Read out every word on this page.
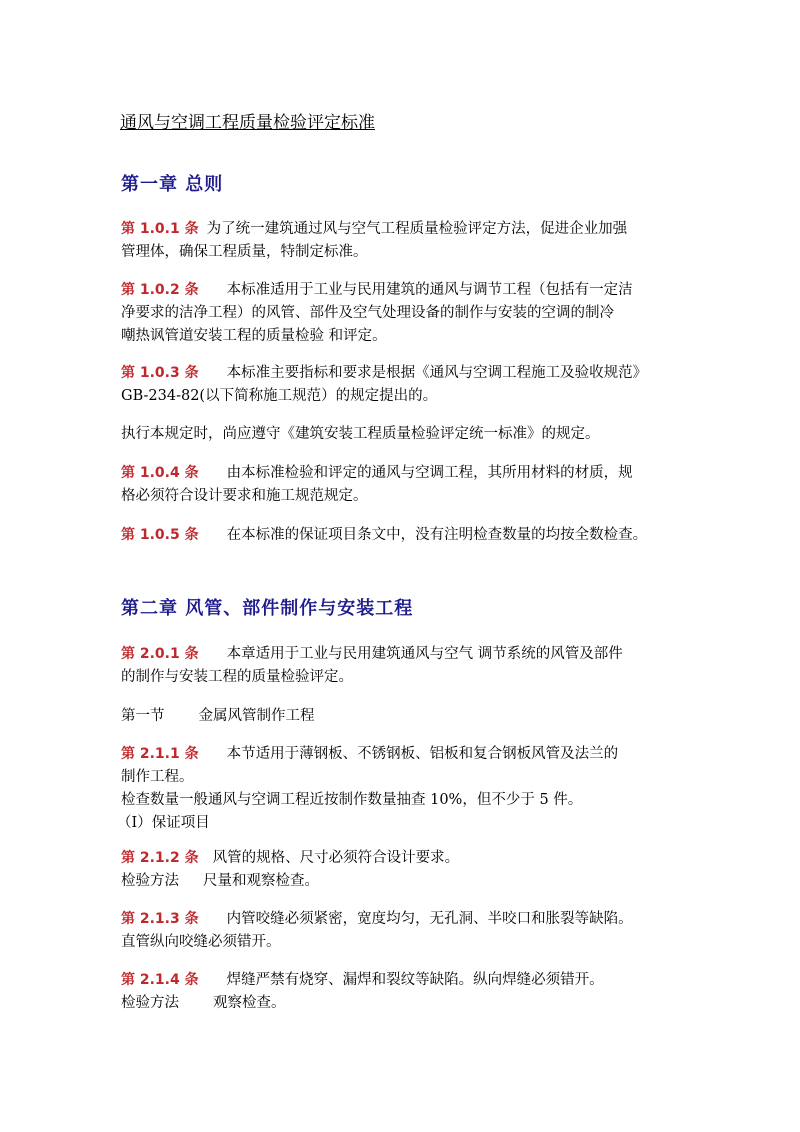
通风与空调工程质量检验评定标准
第一章 总则
第 1.0.1 条 为了统一建筑通过风与空气工程质量检验评定方法，促进企业加强
管理体，确保工程质量，特制定标准。
第 1.0.2 条 本标准适用于工业与民用建筑的通风与调节工程（包括有一定洁
净要求的洁净工程）的风管、部件及空气处理设备的制作与安装的空调的制冷
嘲热讽管道安装工程的质量检验 和评定。
第 1.0.3 条 本标准主要指标和要求是根据《通风与空调工程施工及验收规范》
GB-234-82(以下简称施工规范）的规定提出的。
执行本规定时，尚应遵守《建筑安装工程质量检验评定统一标准》的规定。
第 1.0.4 条 由本标准检验和评定的通风与空调工程，其所用材料的材质，规
格必须符合设计要求和施工规范规定。
第 1.0.5 条 在本标准的保证项目条文中，没有注明检查数量的均按全数检查。
第二章 风管、部件制作与安装工程
第 2.0.1 条 本章适用于工业与民用建筑通风与空气 调节系统的风管及部件
的制作与安装工程的质量检验评定。
第一节 金属风管制作工程
第 2.1.1 条 本节适用于薄钢板、不锈钢板、铝板和复合钢板风管及法兰的
制作工程。
检查数量一般通风与空调工程近按制作数量抽查 10%，但不少于 5 件。
（I）保证项目
第 2.1.2 条 风管的规格、尺寸必须符合设计要求。
检验方法 尺量和观察检查。
第 2.1.3 条 内管咬缝必须紧密，宽度均匀，无孔洞、半咬口和胀裂等缺陷。
直管纵向咬缝必须错开。
第 2.1.4 条 焊缝严禁有烧穿、漏焊和裂纹等缺陷。纵向焊缝必须错开。
检验方法 观察检查。
